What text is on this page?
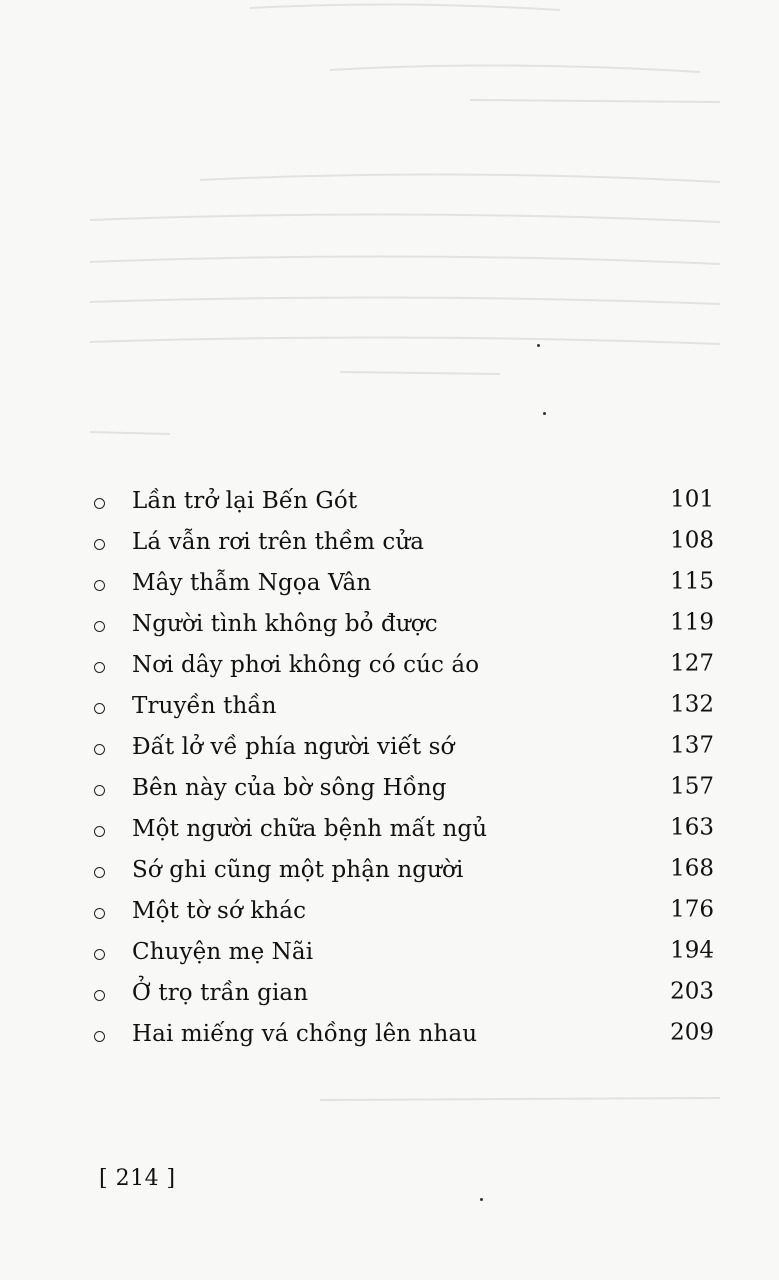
Lần trở lại Bến Gót	101
Lá vẫn rơi trên thềm cửa	108
Mây thẫm Ngọa Vân	115
Người tình không bỏ được	119
Nơi dây phơi không có cúc áo	127
Truyền thần	132
Đất lở về phía người viết sớ	137
Bên này của bờ sông Hồng	157
Một người chữa bệnh mất ngủ	163
Sớ ghi cũng một phận người	168
Một tờ sớ khác	176
Chuyện mẹ Nãi	194
Ở trọ trần gian	203
Hai miếng vá chồng lên nhau	209
[ 214 ]
